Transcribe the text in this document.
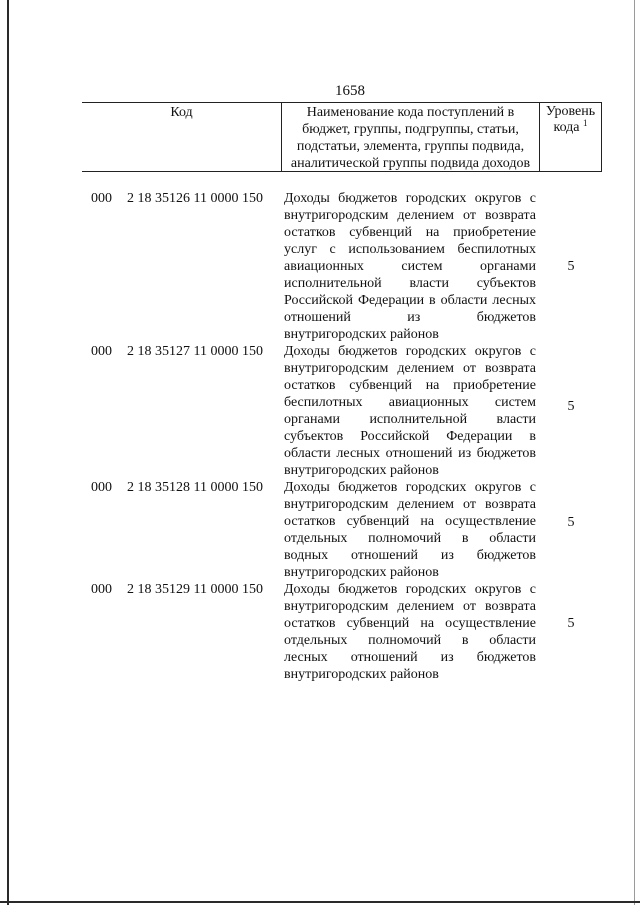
1658
Код	Наименование кода поступлений в
бюджет, группы, подгруппы, статьи,
подстатьи, элемента, группы подвида,
аналитической группы подвида доходов
Уровень
кода $^1$
000 2 18 35126 11 0000 150 Доходы бюджетов городских округов с
внутригородским делением от возврата
остатков субвенций на приобретение
услуг с использованием беспилотных
авиационных систем органами
исполнительной власти субъектов
Российской Федерации в области лесных
отношений из бюджетов
внутригородских районов
5
000 2 18 35127 11 0000 150 Доходы бюджетов городских округов с
внутригородским делением от возврата
остатков субвенций на приобретение
беспилотных авиационных систем
органами исполнительной власти
субъектов Российской Федерации в
области лесных отношений из бюджетов
внутригородских районов
5
000 2 18 35128 11 0000 150 Доходы бюджетов городских округов с
внутригородским делением от возврата
остатков субвенций на осуществление
отдельных полномочий в области
водных отношений из бюджетов
внутригородских районов
5
000 2 18 35129 11 0000 150 Доходы бюджетов городских округов с
внутригородским делением от возврата
остатков субвенций на осуществление
отдельных полномочий в области
лесных отношений из бюджетов
внутригородских районов
5
